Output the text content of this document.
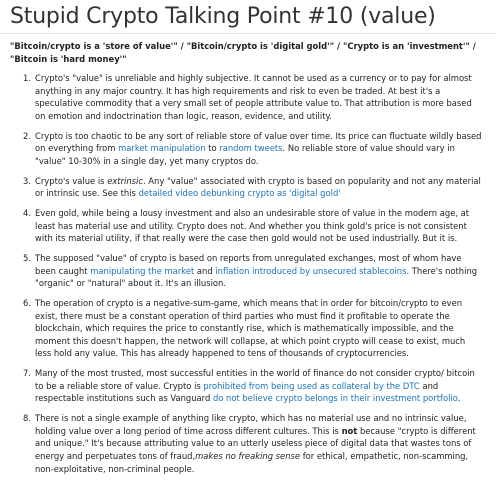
Stupid Crypto Talking Point #10 (value)

"Bitcoin/crypto is a 'store of value'" / "Bitcoin/crypto is 'digital gold'" / "Crypto is an 'investment'" / "Bitcoin is 'hard money'"

1. Crypto's "value" is unreliable and highly subjective. It cannot be used as a currency or to pay for almost anything in any major country. It has high requirements and risk to even be traded. At best it's a speculative commodity that a very small set of people attribute value to. That attribution is more based on emotion and indoctrination than logic, reason, evidence, and utility.
2. Crypto is too chaotic to be any sort of reliable store of value over time. Its price can fluctuate wildly based on everything from market manipulation to random tweets. No reliable store of value should vary in "value" 10-30% in a single day, yet many cryptos do.
3. Crypto's value is extrinsic. Any "value" associated with crypto is based on popularity and not any material or intrinsic use. See this detailed video debunking crypto as 'digital gold'
4. Even gold, while being a lousy investment and also an undesirable store of value in the modern age, at least has material use and utility. Crypto does not. And whether you think gold's price is not consistent with its material utility, if that really were the case then gold would not be used industrially. But it is.
5. The supposed "value" of crypto is based on reports from unregulated exchanges, most of whom have been caught manipulating the market and inflation introduced by unsecured stablecoins. There's nothing "organic" or "natural" about it. It's an illusion.
6. The operation of crypto is a negative-sum-game, which means that in order for bitcoin/crypto to even exist, there must be a constant operation of third parties who must find it profitable to operate the blockchain, which requires the price to constantly rise, which is mathematically impossible, and the moment this doesn't happen, the network will collapse, at which point crypto will cease to exist, much less hold any value. This has already happened to tens of thousands of cryptocurrencies.
7. Many of the most trusted, most successful entities in the world of finance do not consider crypto/ bitcoin to be a reliable store of value. Crypto is prohibited from being used as collateral by the DTC and respectable institutions such as Vanguard do not believe crypto belongs in their investment portfolio.
8. There is not a single example of anything like crypto, which has no material use and no intrinsic value, holding value over a long period of time across different cultures. This is not because "crypto is different and unique." It's because attributing value to an utterly useless piece of digital data that wastes tons of energy and perpetuates tons of fraud,makes no freaking sense for ethical, empathetic, non-scamming, non-exploitative, non-criminal people.
